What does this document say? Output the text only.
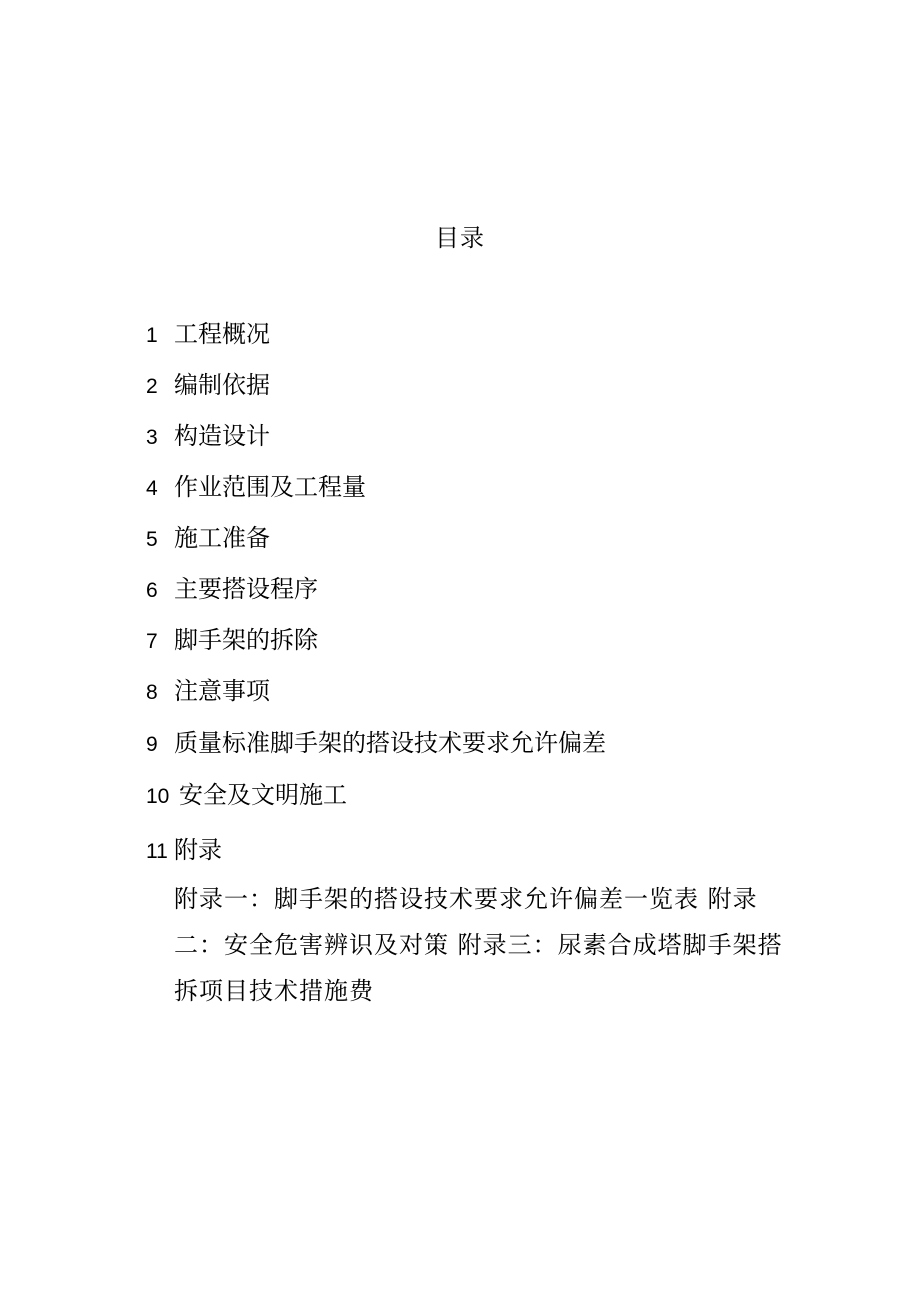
目录
1 工程概况
2 编制依据
3 构造设计
4 作业范围及工程量
5 施工准备
6 主要搭设程序
7 脚手架的拆除
8 注意事项
9 质量标准脚手架的搭设技术要求允许偏差
10 安全及文明施工
11 附录
附录一：脚手架的搭设技术要求允许偏差一览表 附录二：安全危害辨识及对策 附录三：尿素合成塔脚手架搭拆项目技术措施费
